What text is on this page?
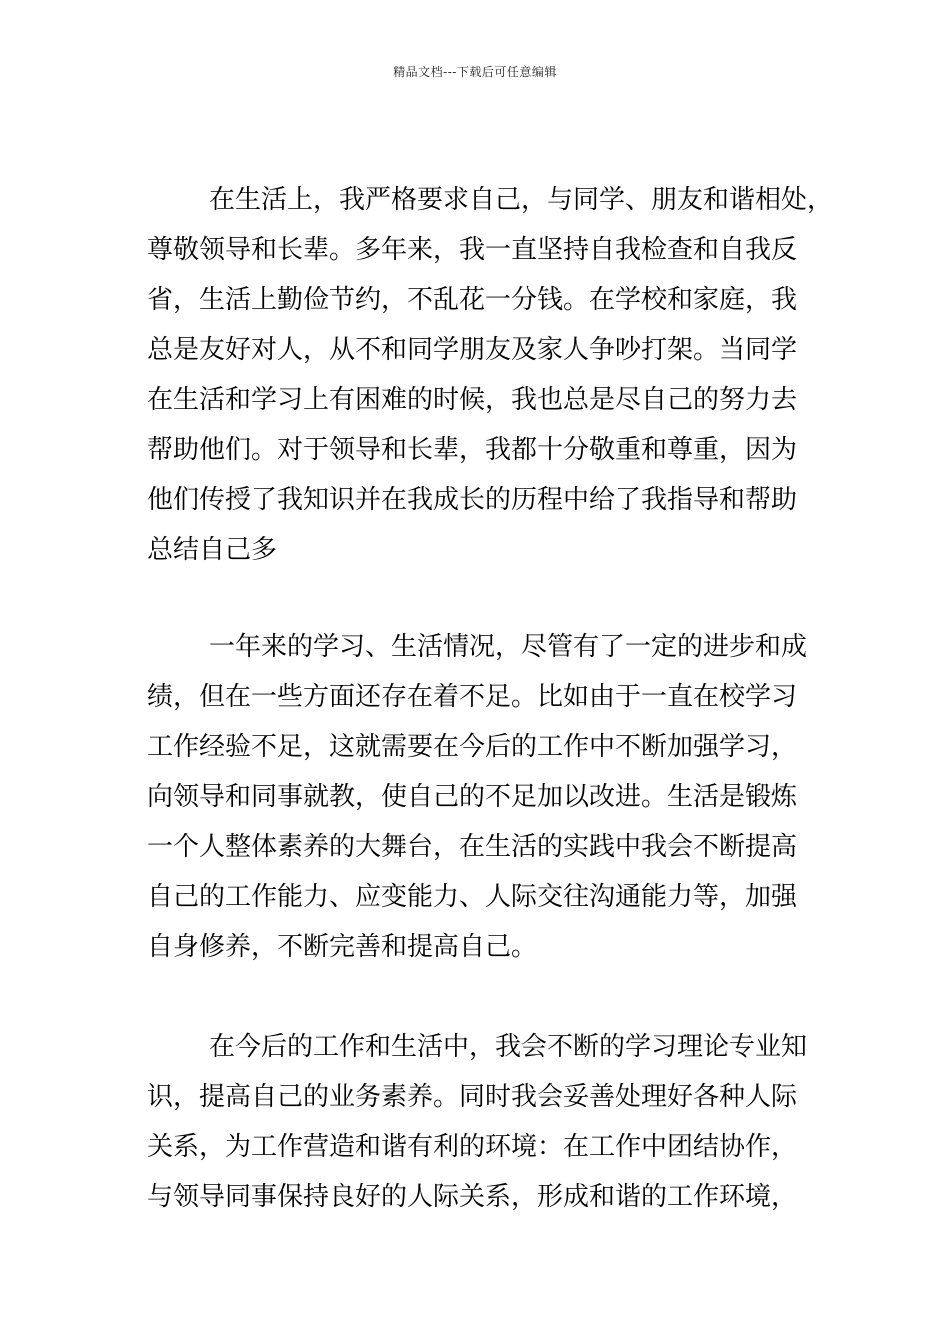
精品文档---下载后可任意编辑
在生活上，我严格要求自己，与同学、朋友和谐相处，
尊敬领导和长辈。多年来，我一直坚持自我检查和自我反
省，生活上勤俭节约，不乱花一分钱。在学校和家庭，我
总是友好对人，从不和同学朋友及家人争吵打架。当同学
在生活和学习上有困难的时候，我也总是尽自己的努力去
帮助他们。对于领导和长辈，我都十分敬重和尊重，因为
他们传授了我知识并在我成长的历程中给了我指导和帮助
总结自己多
一年来的学习、生活情况，尽管有了一定的进步和成
绩，但在一些方面还存在着不足。比如由于一直在校学习
工作经验不足，这就需要在今后的工作中不断加强学习，
向领导和同事就教，使自己的不足加以改进。生活是锻炼
一个人整体素养的大舞台，在生活的实践中我会不断提高
自己的工作能力、应变能力、人际交往沟通能力等，加强
自身修养，不断完善和提高自己。
在今后的工作和生活中，我会不断的学习理论专业知
识，提高自己的业务素养。同时我会妥善处理好各种人际
关系，为工作营造和谐有利的环境：在工作中团结协作，
与领导同事保持良好的人际关系，形成和谐的工作环境，
